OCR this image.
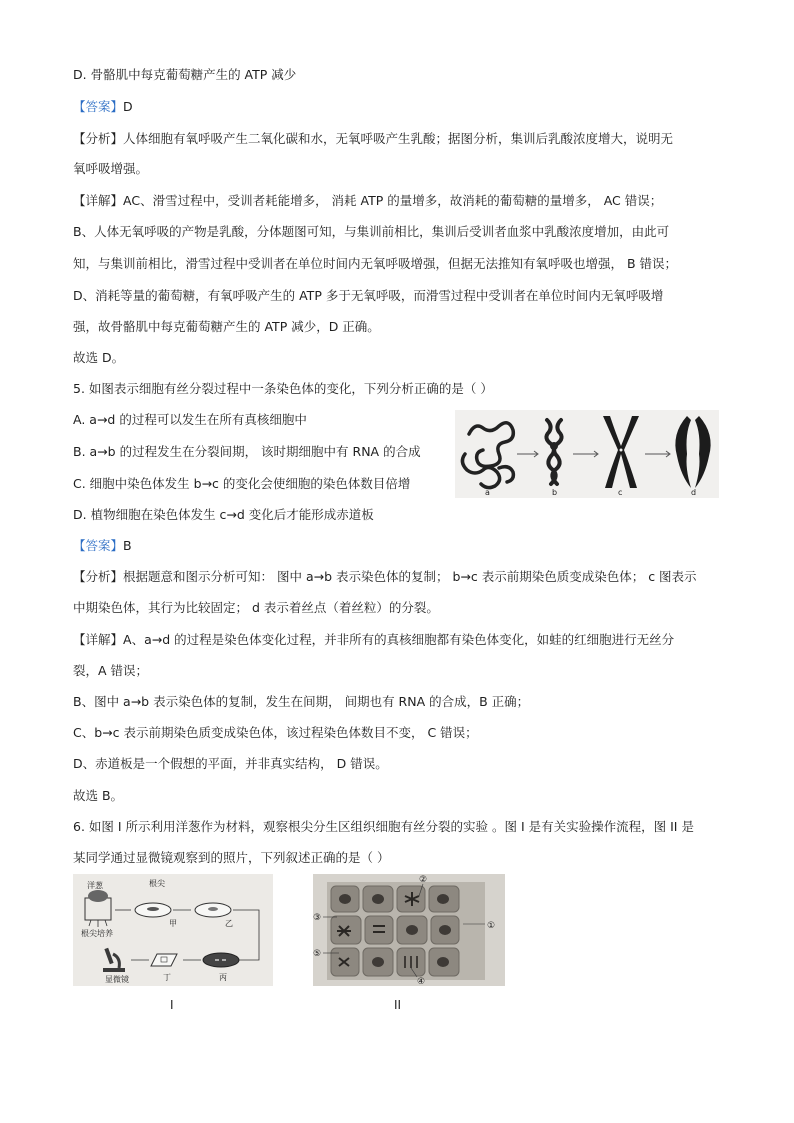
D. 骨骼肌中每克葡萄糖产生的 ATP 减少

【答案】D

【分析】人体细胞有氧呼吸产生二氧化碳和水，无氧呼吸产生乳酸；据图分析，集训后乳酸浓度增大，说明无

氧呼吸增强。

【详解】AC、滑雪过程中，受训者耗能增多， 消耗 ATP 的量增多，故消耗的葡萄糖的量增多， AC 错误；

B、人体无氧呼吸的产物是乳酸，分体题图可知，与集训前相比，集训后受训者血浆中乳酸浓度增加，由此可

知，与集训前相比，滑雪过程中受训者在单位时间内无氧呼吸增强，但据无法推知有氧呼吸也增强， B 错误；

D、消耗等量的葡萄糖，有氧呼吸产生的 ATP 多于无氧呼吸，而滑雪过程中受训者在单位时间内无氧呼吸增

强，故骨骼肌中每克葡萄糖产生的 ATP 减少，D 正确。

故选 D。

5. 如图表示细胞有丝分裂过程中一条染色体的变化，下列分析正确的是（ ）

A. a→d 的过程可以发生在所有真核细胞中

B. a→b 的过程发生在分裂间期， 该时期细胞中有 RNA 的合成

C. 细胞中染色体发生 b→c 的变化会使细胞的染色体数目倍增

D. 植物细胞在染色体发生 c→d 变化后才能形成赤道板

a	b	c	d

【答案】B

【分析】根据题意和图示分析可知： 图中 a→b 表示染色体的复制； b→c 表示前期染色质变成染色体； c 图表示

中期染色体，其行为比较固定； d 表示着丝点（着丝粒）的分裂。

【详解】A、a→d 的过程是染色体变化过程，并非所有的真核细胞都有染色体变化，如蛙的红细胞进行无丝分

裂，A 错误；

B、图中 a→b 表示染色体的复制，发生在间期， 间期也有 RNA 的合成，B 正确；

C、b→c 表示前期染色质变成染色体，该过程染色体数目不变， C 错误；

D、赤道板是一个假想的平面，并非真实结构， D 错误。

故选 B。

6. 如图 I 所示利用洋葱作为材料，观察根尖分生区组织细胞有丝分裂的实验 。图 I 是有关实验操作流程，图 II 是

某同学通过显微镜观察到的照片，下列叙述正确的是（ ）

洋葱
根尖培养
根尖
甲	乙
丙
丁
显微镜
②
①
③
⑤
④
I	II
